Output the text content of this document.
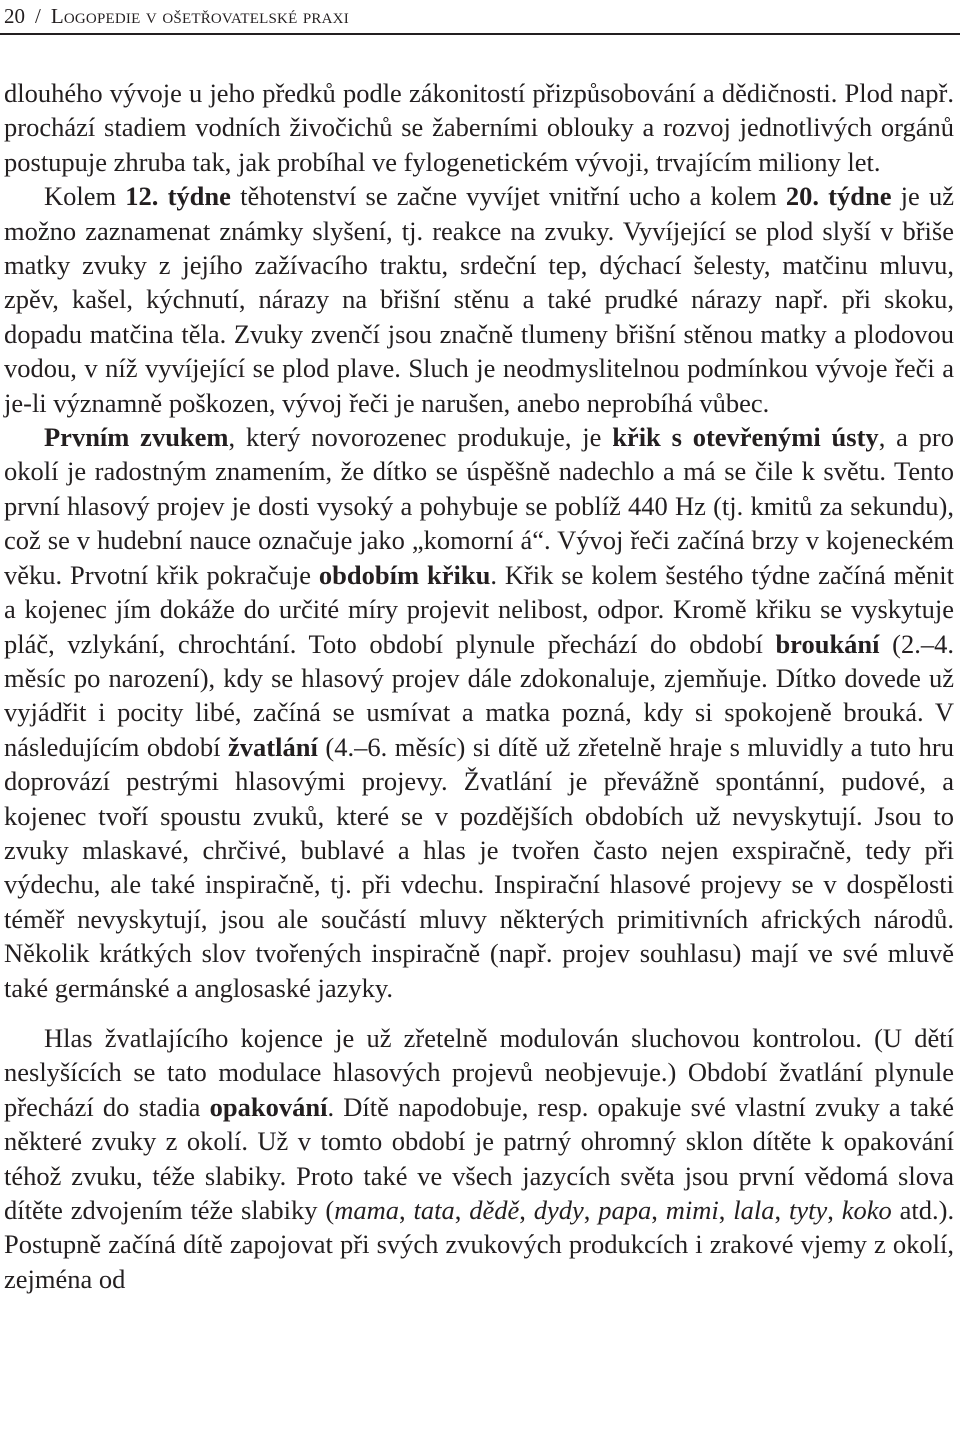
20 / Logopedie v ošetřovatelské praxi

dlouhého vývoje u jeho předků podle zákonitostí přizpůsobování a dědičnosti. Plod např. prochází stadiem vodních živočichů se žaberními oblouky a rozvoj jednotlivých orgánů postupuje zhruba tak, jak probíhal ve fylogenetickém vývoji, trvajícím miliony let.

Kolem 12. týdne těhotenství se začne vyvíjet vnitřní ucho a kolem 20. týdne je už možno zaznamenat známky slyšení, tj. reakce na zvuky. Vyvíjející se plod slyší v břiše matky zvuky z jejího zažívacího traktu, srdeční tep, dýchací šelesty, matčinu mluvu, zpěv, kašel, kýchnutí, nárazy na břišní stěnu a také prudké nárazy např. při skoku, dopadu matčina těla. Zvuky zvenčí jsou značně tlumeny břišní stěnou matky a plodovou vodou, v níž vyvíjející se plod plave. Sluch je neodmyslitelnou podmínkou vývoje řeči a je-li významně poškozen, vývoj řeči je narušen, anebo neprobíhá vůbec.

Prvním zvukem, který novorozenec produkuje, je křik s otevřenými ústy, a pro okolí je radostným znamením, že dítko se úspěšně nadechlo a má se čile k světu. Tento první hlasový projev je dosti vysoký a pohybuje se poblíž 440 Hz (tj. kmitů za sekundu), což se v hudební nauce označuje jako „komorní á“. Vývoj řeči začíná brzy v kojeneckém věku. Prvotní křik pokračuje obdobím křiku. Křik se kolem šestého týdne začíná měnit a kojenec jím dokáže do určité míry projevit nelibost, odpor. Kromě křiku se vyskytuje pláč, vzlykání, chrochtání. Toto období plynule přechází do období broukání (2.–4. měsíc po narození), kdy se hlasový projev dále zdokonaluje, zjemňuje. Dítko dovede už vyjádřit i pocity libé, začíná se usmívat a matka pozná, kdy si spokojeně brouká. V následujícím období žvatlání (4.–6. měsíc) si dítě už zřetelně hraje s mluvidly a tuto hru doprovází pestrými hlasovými projevy. Žvatlání je převážně spontánní, pudové, a kojenec tvoří spoustu zvuků, které se v pozdějších obdobích už nevyskytují. Jsou to zvuky mlaskavé, chrčivé, bublavé a hlas je tvořen často nejen exspiračně, tedy při výdechu, ale také inspiračně, tj. při vdechu. Inspirační hlasové projevy se v dospělosti téměř nevyskytují, jsou ale součástí mluvy některých primitivních afrických národů. Několik krátkých slov tvořených inspiračně (např. projev souhlasu) mají ve své mluvě také germánské a anglosaské jazyky.

Hlas žvatlajícího kojence je už zřetelně modulován sluchovou kontrolou. (U dětí neslyšících se tato modulace hlasových projevů neobjevuje.) Období žvatlání plynule přechází do stadia opakování. Dítě napodobuje, resp. opakuje své vlastní zvuky a také některé zvuky z okolí. Už v tomto období je patrný ohromný sklon dítěte k opakování téhož zvuku, téže slabiky. Proto také ve všech jazycích světa jsou první vědomá slova dítěte zdvojením téže slabiky (mama, tata, dědě, dydy, papa, mimi, lala, tyty, koko atd.). Postupně začíná dítě zapojovat při svých zvukových produkcích i zrakové vjemy z okolí, zejména od
